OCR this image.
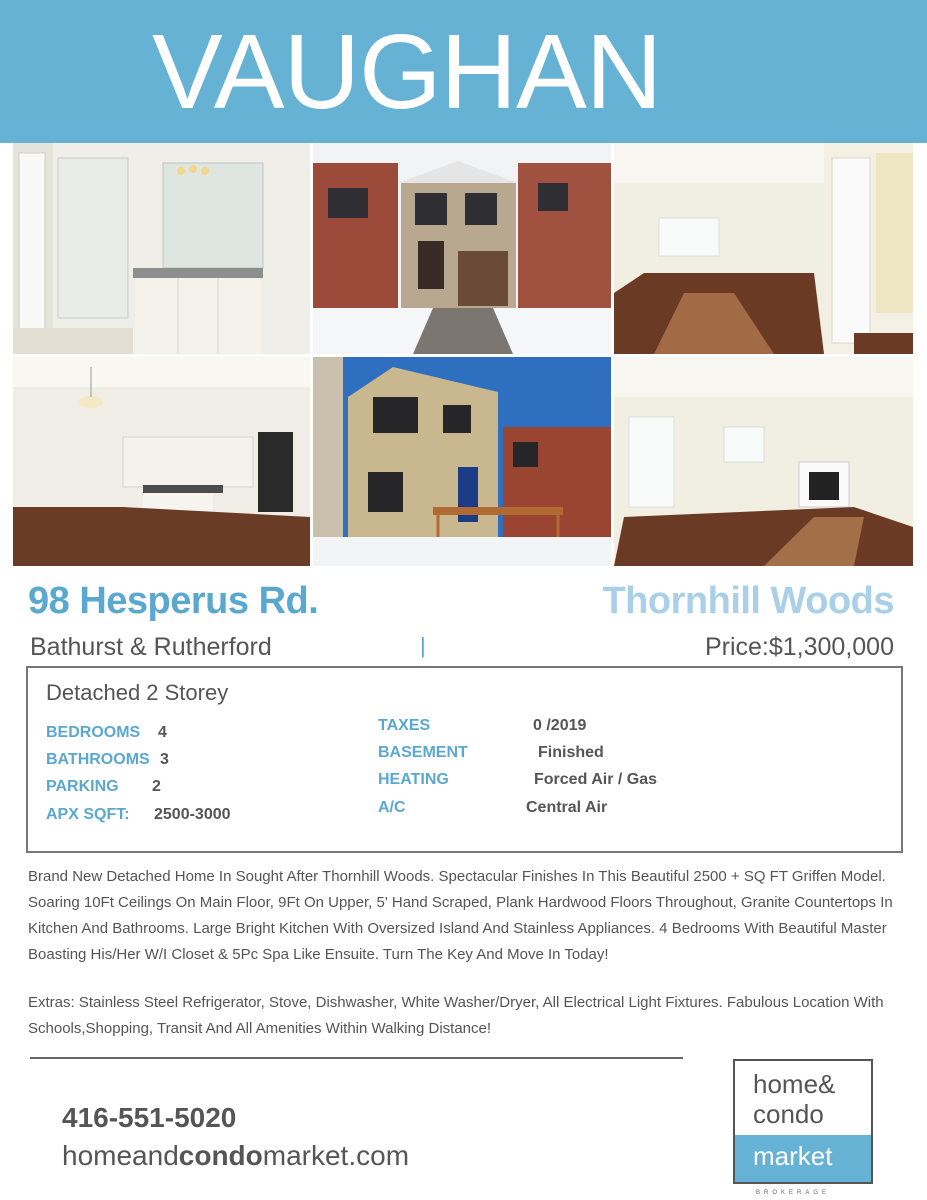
VAUGHAN
98 Hesperus Rd.	Thornhill Woods
Bathurst & Rutherford	|	Price:$1,300,000
Detached 2 Storey
BEDROOMS 4
BATHROOMS 3
PARKING 2
APX SQFT: 2500-3000
TAXES	0 /2019
BASEMENT	Finished
HEATING	Forced Air / Gas
A/C	Central Air
Brand New Detached Home In Sought After Thornhill Woods. Spectacular Finishes In This Beautiful 2500 + SQ FT Griffen Model. Soaring 10Ft Ceilings On Main Floor, 9Ft On Upper, 5' Hand Scraped, Plank Hardwood Floors Throughout, Granite Countertops In Kitchen And Bathrooms. Large Bright Kitchen With Oversized Island And Stainless Appliances. 4 Bedrooms With Beautiful Master Boasting His/Her W/I Closet & 5Pc Spa Like Ensuite. Turn The Key And Move In Today!
Extras: Stainless Steel Refrigerator, Stove, Dishwasher, White Washer/Dryer, All Electrical Light Fixtures. Fabulous Location With Schools,Shopping, Transit And All Amenities Within Walking Distance!
416-551-5020
homeandcondomarket.com
home&
condo
market
BROKERAGE
